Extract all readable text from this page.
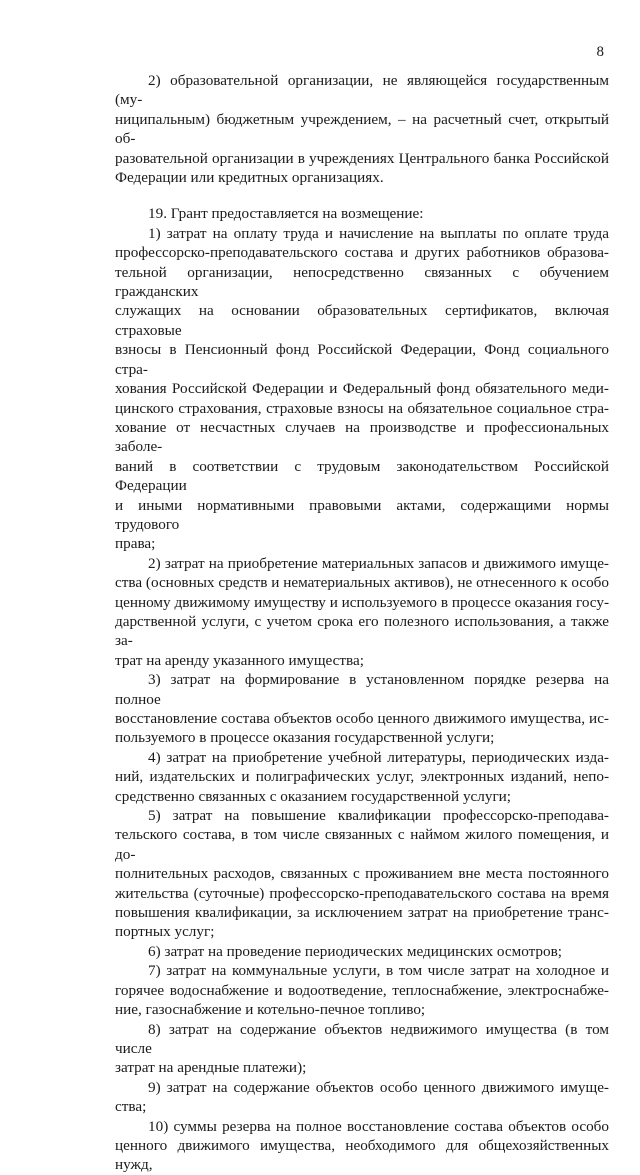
8

2) образовательной организации, не являющейся государственным (му-

ниципальным) бюджетным учреждением, – на расчетный счет, открытый об-

разовательной организации в учреждениях Центрального банка Российской

Федерации или кредитных организациях.

19. Грант предоставляется на возмещение:

1) затрат на оплату труда и начисление на выплаты по оплате труда

профессорско-преподавательского состава и других работников образова-

тельной организации, непосредственно связанных с обучением гражданских

служащих на основании образовательных сертификатов, включая страховые

взносы в Пенсионный фонд Российской Федерации, Фонд социального стра-

хования Российской Федерации и Федеральный фонд обязательного меди-

цинского страхования, страховые взносы на обязательное социальное стра-

хование от несчастных случаев на производстве и профессиональных заболе-

ваний в соответствии с трудовым законодательством Российской Федерации

и иными нормативными правовыми актами, содержащими нормы трудового

права;

2) затрат на приобретение материальных запасов и движимого имуще-

ства (основных средств и нематериальных активов), не отнесенного к особо

ценному движимому имуществу и используемого в процессе оказания госу-

дарственной услуги, с учетом срока его полезного использования, а также за-

трат на аренду указанного имущества;

3) затрат на формирование в установленном порядке резерва на полное

восстановление состава объектов особо ценного движимого имущества, ис-

пользуемого в процессе оказания государственной услуги;

4) затрат на приобретение учебной литературы, периодических изда-

ний, издательских и полиграфических услуг, электронных изданий, непо-

средственно связанных с оказанием государственной услуги;

5) затрат на повышение квалификации профессорско-преподава-

тельского состава, в том числе связанных с наймом жилого помещения, и до-

полнительных расходов, связанных с проживанием вне места постоянного

жительства (суточные) профессорско-преподавательского состава на время

повышения квалификации, за исключением затрат на приобретение транс-

портных услуг;

6) затрат на проведение периодических медицинских осмотров;

7) затрат на коммунальные услуги, в том числе затрат на холодное и

горячее водоснабжение и водоотведение, теплоснабжение, электроснабже-

ние, газоснабжение и котельно-печное топливо;

8) затрат на содержание объектов недвижимого имущества (в том числе

затрат на арендные платежи);

9) затрат на содержание объектов особо ценного движимого имуще-

ства;

10) суммы резерва на полное восстановление состава объектов особо

ценного движимого имущества, необходимого для общехозяйственных нужд,
